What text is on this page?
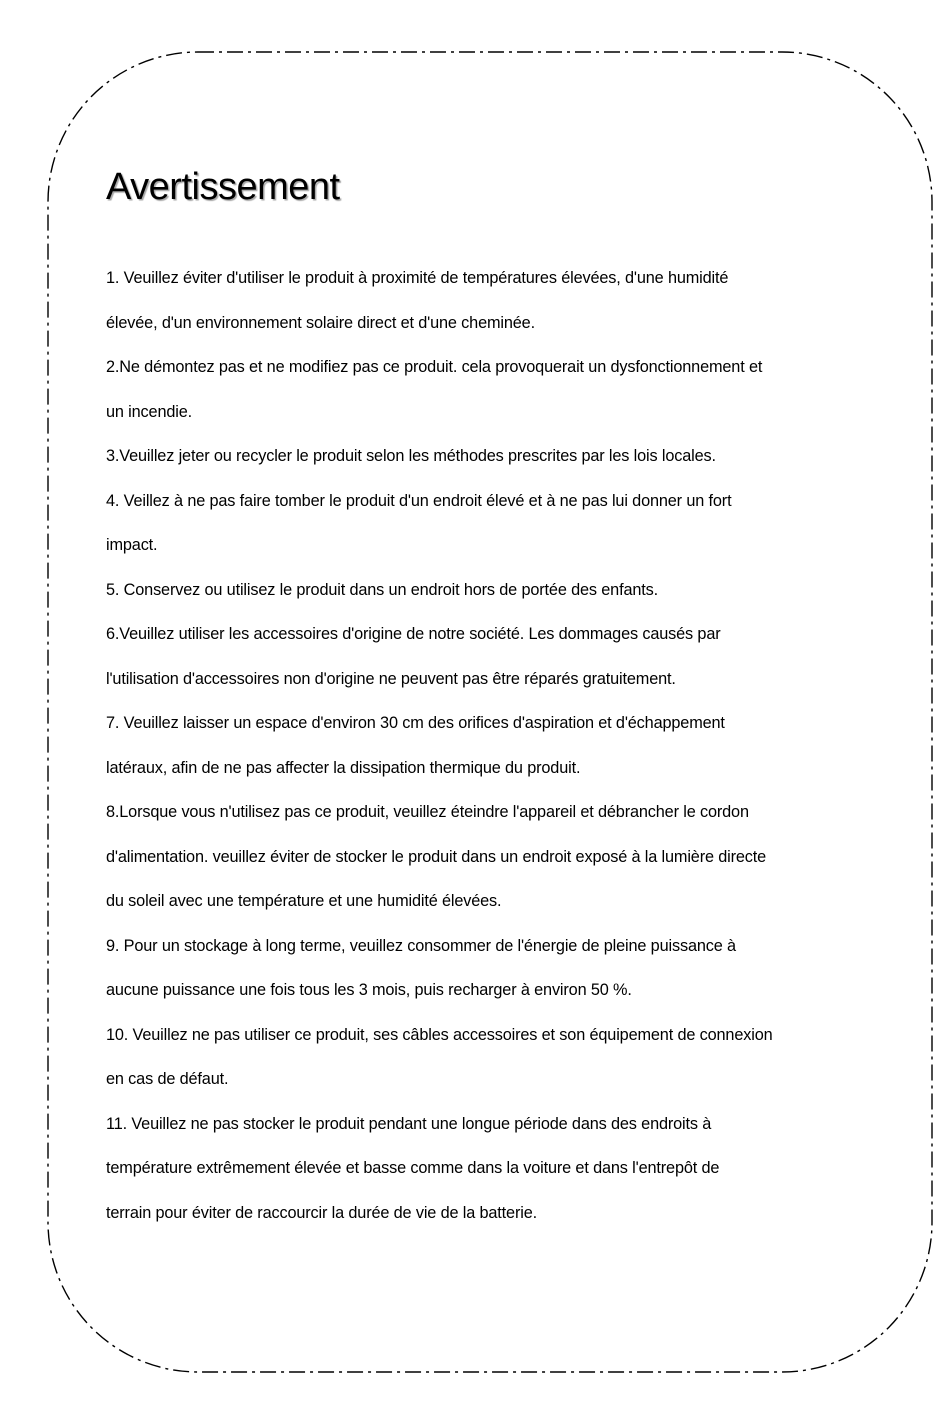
Avertissement
1. Veuillez éviter d'utiliser le produit à proximité de températures élevées, d'une humidité
élevée, d'un environnement solaire direct et d'une cheminée.
2.Ne démontez pas et ne modifiez pas ce produit. cela provoquerait un dysfonctionnement et
un incendie.
3.Veuillez jeter ou recycler le produit selon les méthodes prescrites par les lois locales.
4. Veillez à ne pas faire tomber le produit d'un endroit élevé et à ne pas lui donner un fort
impact.
5. Conservez ou utilisez le produit dans un endroit hors de portée des enfants.
6.Veuillez utiliser les accessoires d'origine de notre société. Les dommages causés par
l'utilisation d'accessoires non d'origine ne peuvent pas être réparés gratuitement.
7. Veuillez laisser un espace d'environ 30 cm des orifices d'aspiration et d'échappement
latéraux, afin de ne pas affecter la dissipation thermique du produit.
8.Lorsque vous n'utilisez pas ce produit, veuillez éteindre l'appareil et débrancher le cordon
d'alimentation. veuillez éviter de stocker le produit dans un endroit exposé à la lumière directe
du soleil avec une température et une humidité élevées.
9. Pour un stockage à long terme, veuillez consommer de l'énergie de pleine puissance à
aucune puissance une fois tous les 3 mois, puis recharger à environ 50 %.
10. Veuillez ne pas utiliser ce produit, ses câbles accessoires et son équipement de connexion
en cas de défaut.
11. Veuillez ne pas stocker le produit pendant une longue période dans des endroits à
température extrêmement élevée et basse comme dans la voiture et dans l'entrepôt de
terrain pour éviter de raccourcir la durée de vie de la batterie.
